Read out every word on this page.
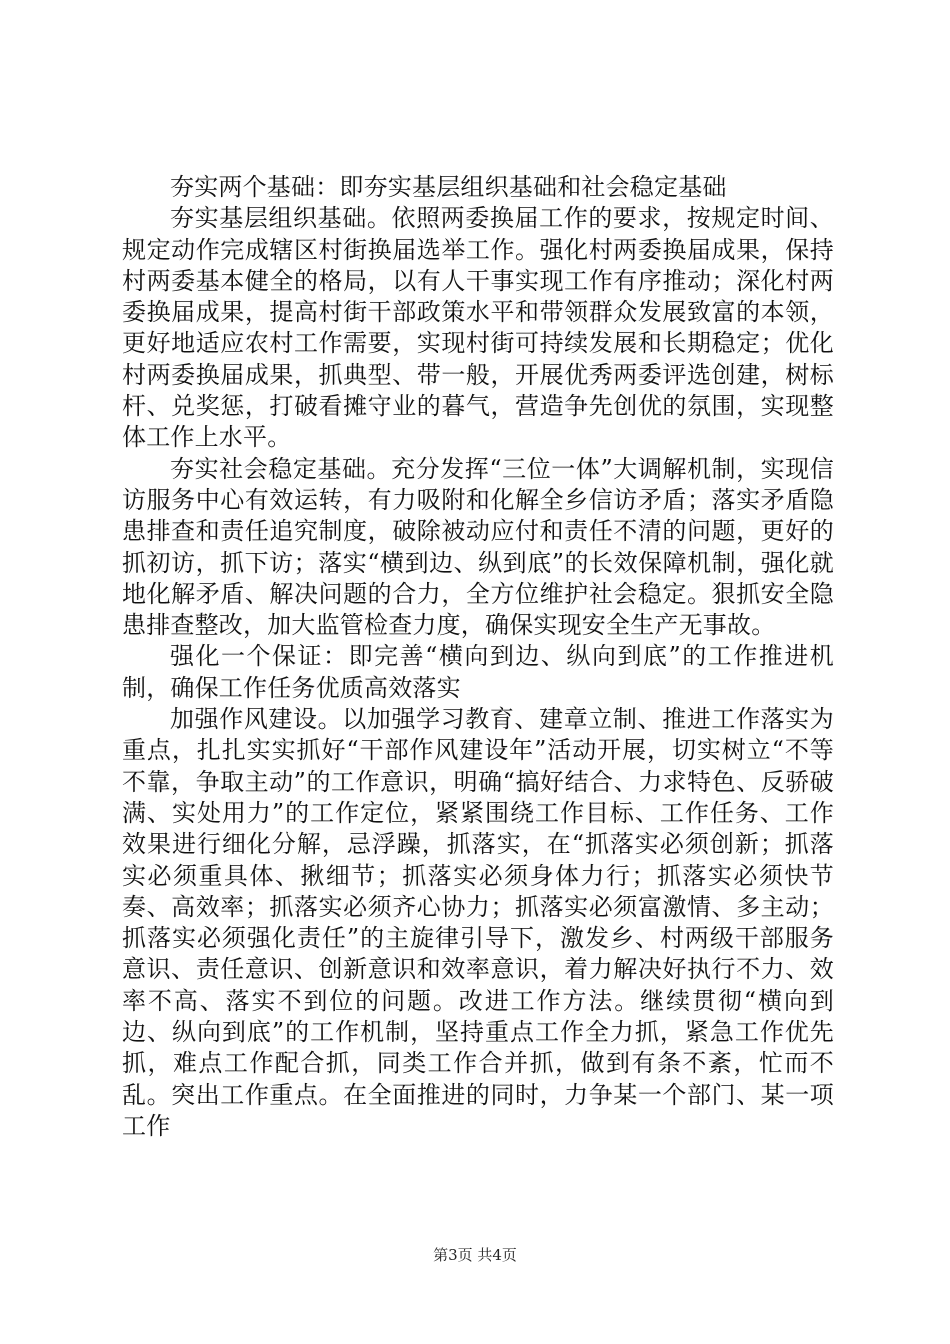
夯实两个基础：即夯实基层组织基础和社会稳定基础

夯实基层组织基础。依照两委换届工作的要求，按规定时间、规定动作完成辖区村街换届选举工作。强化村两委换届成果，保持村两委基本健全的格局，以有人干事实现工作有序推动；深化村两委换届成果，提高村街干部政策水平和带领群众发展致富的本领，更好地适应农村工作需要，实现村街可持续发展和长期稳定；优化村两委换届成果，抓典型、带一般，开展优秀两委评选创建，树标杆、兑奖惩，打破看摊守业的暮气，营造争先创优的氛围，实现整体工作上水平。

夯实社会稳定基础。充分发挥“三位一体”大调解机制，实现信访服务中心有效运转，有力吸附和化解全乡信访矛盾；落实矛盾隐患排查和责任追究制度，破除被动应付和责任不清的问题，更好的抓初访，抓下访；落实“横到边、纵到底”的长效保障机制，强化就地化解矛盾、解决问题的合力，全方位维护社会稳定。狠抓安全隐患排查整改，加大监管检查力度，确保实现安全生产无事故。

强化一个保证：即完善“横向到边、纵向到底”的工作推进机制，确保工作任务优质高效落实

加强作风建设。以加强学习教育、建章立制、推进工作落实为重点，扎扎实实抓好“干部作风建设年”活动开展，切实树立“不等不靠，争取主动”的工作意识，明确“搞好结合、力求特色、反骄破满、实处用力”的工作定位，紧紧围绕工作目标、工作任务、工作效果进行细化分解，忌浮躁，抓落实，在“抓落实必须创新；抓落实必须重具体、揪细节；抓落实必须身体力行；抓落实必须快节奏、高效率；抓落实必须齐心协力；抓落实必须富激情、多主动；抓落实必须强化责任”的主旋律引导下，激发乡、村两级干部服务意识、责任意识、创新意识和效率意识，着力解决好执行不力、效率不高、落实不到位的问题。改进工作方法。继续贯彻“横向到边、纵向到底”的工作机制，坚持重点工作全力抓，紧急工作优先抓，难点工作配合抓，同类工作合并抓，做到有条不紊，忙而不乱。突出工作重点。在全面推进的同时，力争某一个部门、某一项工作

第3页 共4页
